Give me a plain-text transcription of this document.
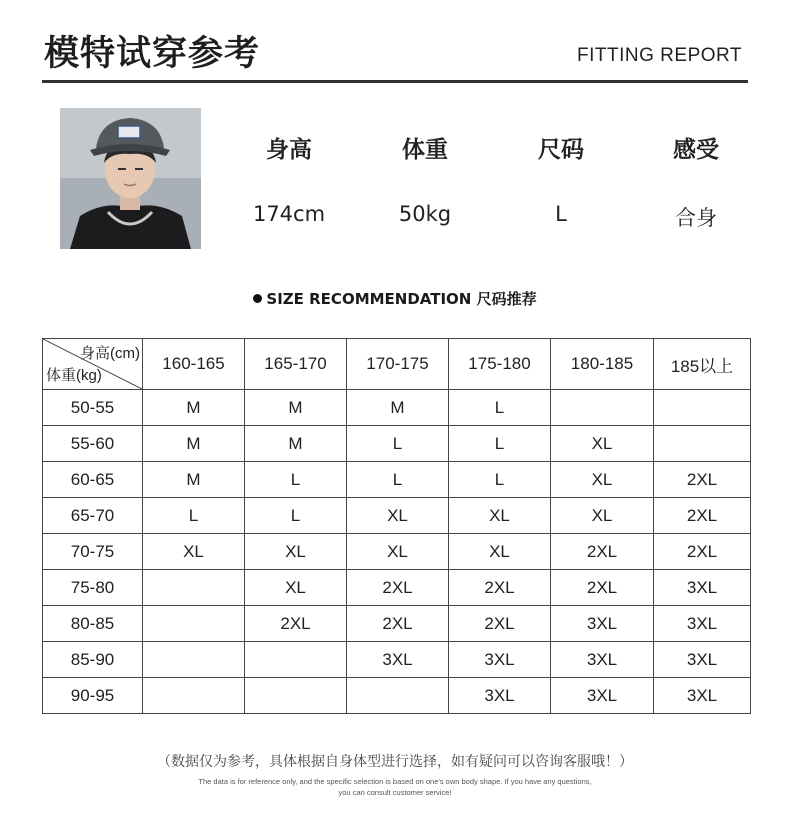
模特试穿参考	FITTING REPORT
身高	体重	尺码	感受
174cm	50kg	L	合身
SIZE RECOMMENDATION 尺码推荐
身高(cm)
体重(kg)	160-165	165-170	170-175	175-180	180-185	185以上
50-55	M	M	M	L		
55-60	M	M	L	L	XL	
60-65	M	L	L	L	XL	2XL
65-70	L	L	XL	XL	XL	2XL
70-75	XL	XL	XL	XL	2XL	2XL
75-80		XL	2XL	2XL	2XL	3XL
80-85		2XL	2XL	2XL	3XL	3XL
85-90			3XL	3XL	3XL	3XL
90-95				3XL	3XL	3XL
（数据仅为参考，具体根据自身体型进行选择，如有疑问可以咨询客服哦！）
The data is for reference only, and the specific selection is based on one's own body shape. If you have any questions,
you can consult customer service!
